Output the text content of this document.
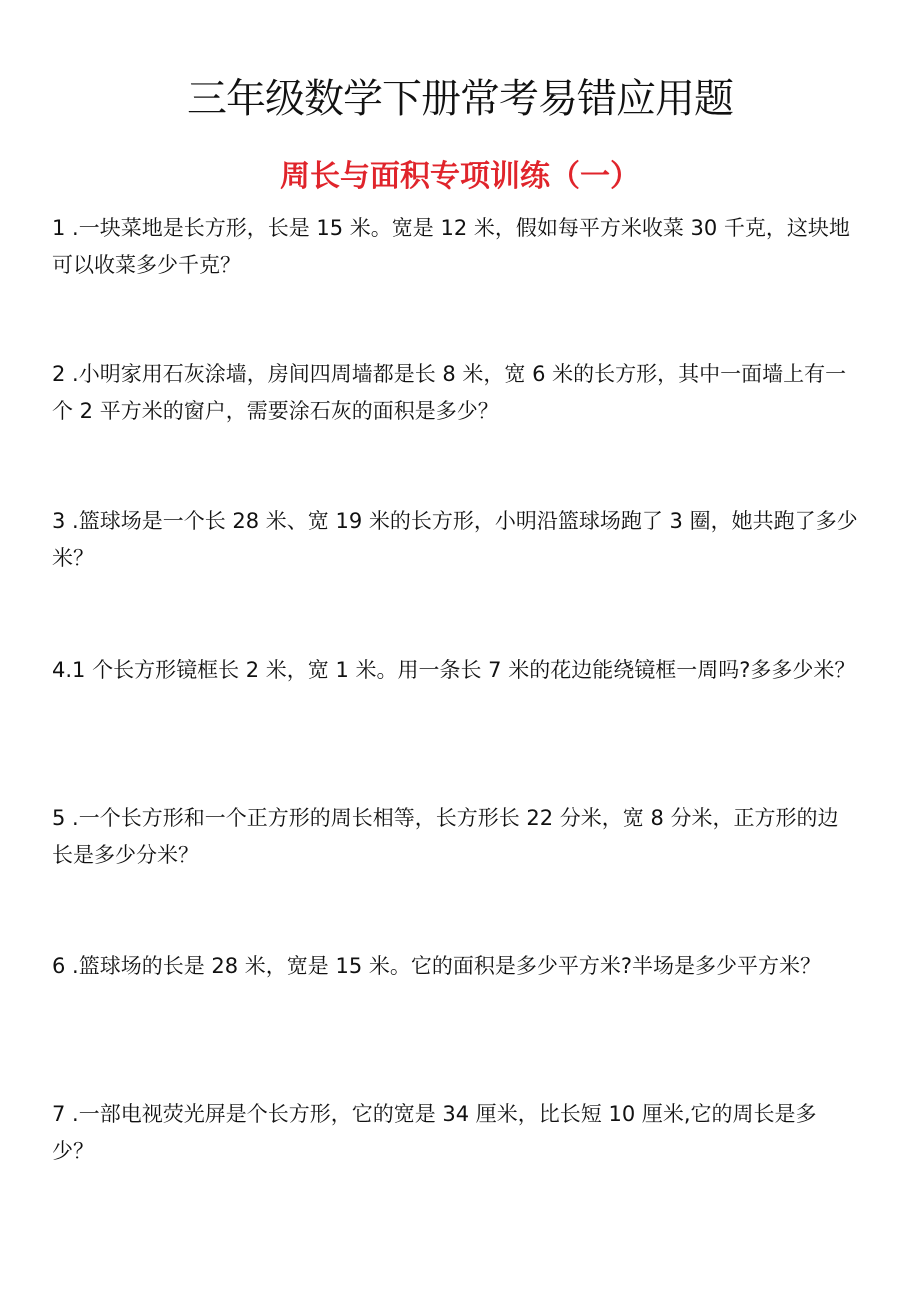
三年级数学下册常考易错应用题
周长与面积专项训练（一）

1 .一块菜地是长方形，长是 15 米。宽是 12 米，假如每平方米收菜 30 千克，这块地可以收菜多少千克？

2 .小明家用石灰涂墙，房间四周墙都是长 8 米，宽 6 米的长方形，其中一面墙上有一个 2 平方米的窗户，需要涂石灰的面积是多少？

3 .篮球场是一个长 28 米、宽 19 米的长方形，小明沿篮球场跑了 3 圈，她共跑了多少米？

4.1 个长方形镜框长 2 米，宽 1 米。用一条长 7 米的花边能绕镜框一周吗?多多少米？

5 .一个长方形和一个正方形的周长相等，长方形长 22 分米，宽 8 分米，正方形的边长是多少分米？

6 .篮球场的长是 28 米，宽是 15 米。它的面积是多少平方米?半场是多少平方米？

7 .一部电视荧光屏是个长方形，它的宽是 34 厘米，比长短 10 厘米,它的周长是多少？
